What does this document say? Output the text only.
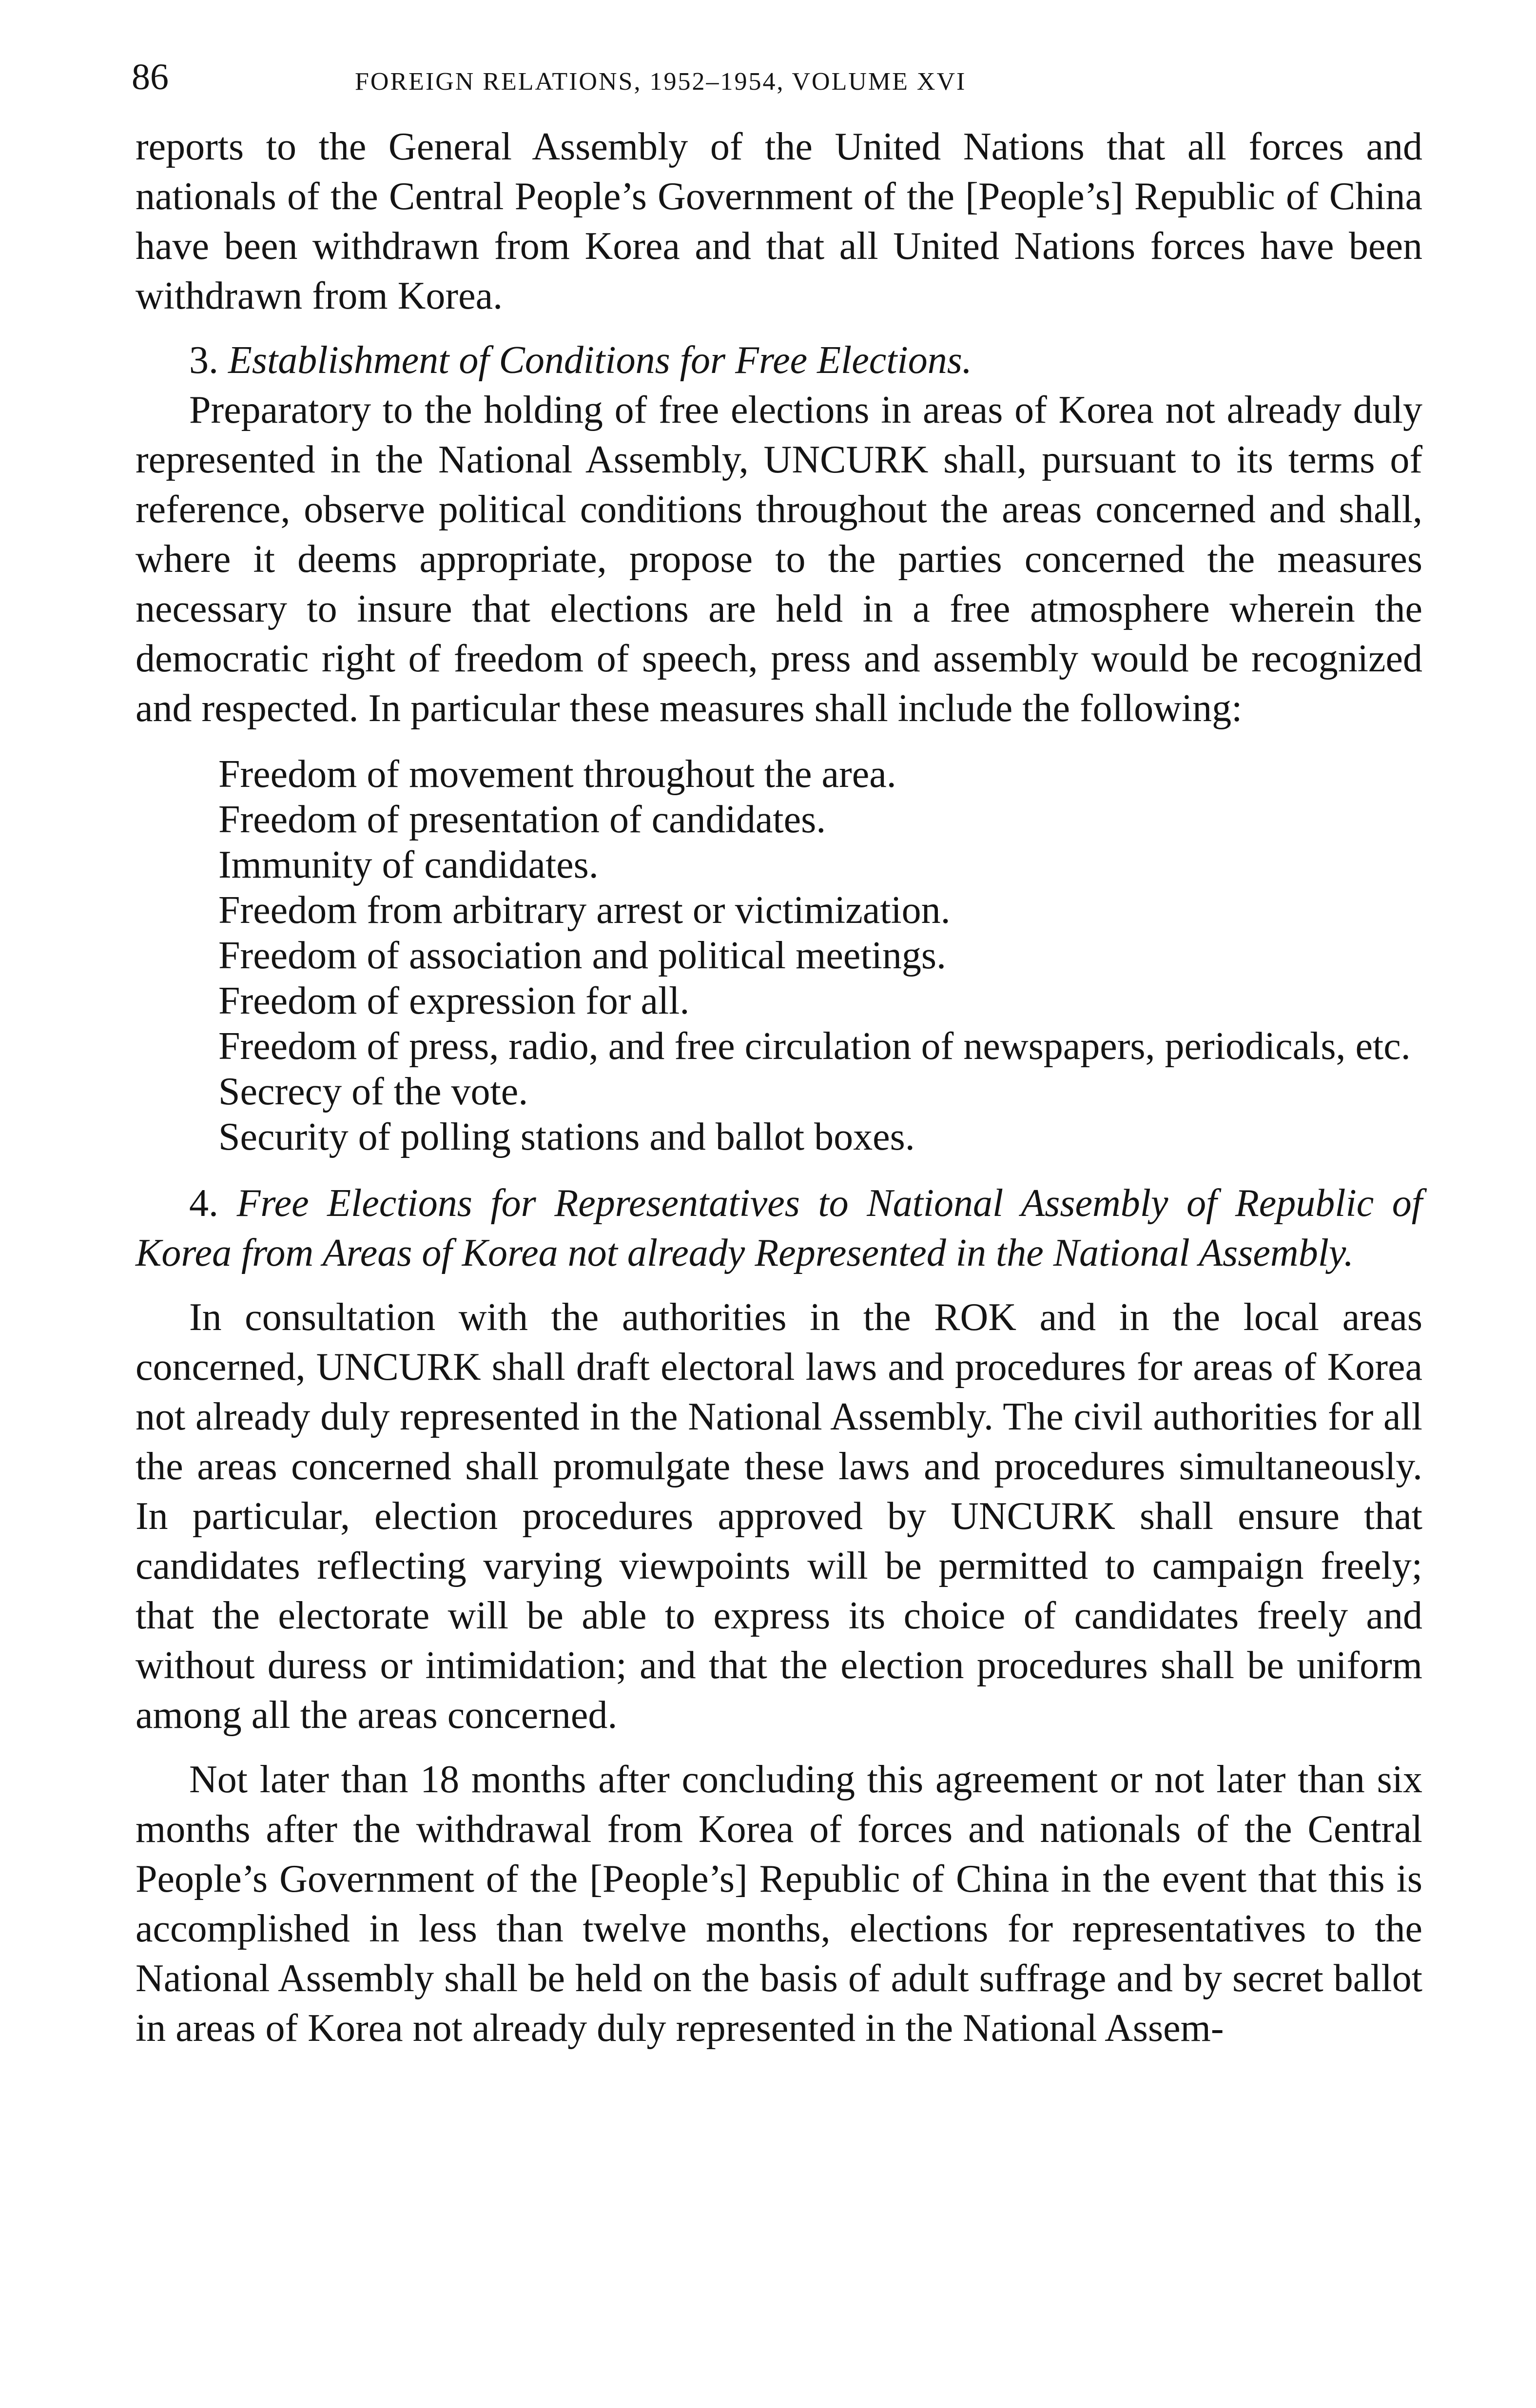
86	FOREIGN RELATIONS, 1952–1954, VOLUME XVI

reports to the General Assembly of the United Nations that all forces and nationals of the Central People’s Government of the [People’s] Republic of China have been withdrawn from Korea and that all United Nations forces have been withdrawn from Korea.

3. Establishment of Conditions for Free Elections.

Preparatory to the holding of free elections in areas of Korea not already duly represented in the National Assembly, UNCURK shall, pursuant to its terms of reference, observe political conditions throughout the areas concerned and shall, where it deems appropriate, propose to the parties concerned the measures necessary to insure that elections are held in a free atmosphere wherein the democratic right of freedom of speech, press and assembly would be recognized and respected. In particular these measures shall include the following:

Freedom of movement throughout the area.
Freedom of presentation of candidates.
Immunity of candidates.
Freedom from arbitrary arrest or victimization.
Freedom of association and political meetings.
Freedom of expression for all.
Freedom of press, radio, and free circulation of newspapers, periodicals, etc.
Secrecy of the vote.
Security of polling stations and ballot boxes.

4. Free Elections for Representatives to National Assembly of Republic of Korea from Areas of Korea not already Represented in the National Assembly.

In consultation with the authorities in the ROK and in the local areas concerned, UNCURK shall draft electoral laws and procedures for areas of Korea not already duly represented in the National Assembly. The civil authorities for all the areas concerned shall promulgate these laws and procedures simultaneously. In particular, election procedures approved by UNCURK shall ensure that candidates reflecting varying viewpoints will be permitted to campaign freely; that the electorate will be able to express its choice of candidates freely and without duress or intimidation; and that the election procedures shall be uniform among all the areas concerned.

Not later than 18 months after concluding this agreement or not later than six months after the withdrawal from Korea of forces and nationals of the Central People’s Government of the [People’s] Republic of China in the event that this is accomplished in less than twelve months, elections for representatives to the National Assembly shall be held on the basis of adult suffrage and by secret ballot in areas of Korea not already duly represented in the National Assem-
